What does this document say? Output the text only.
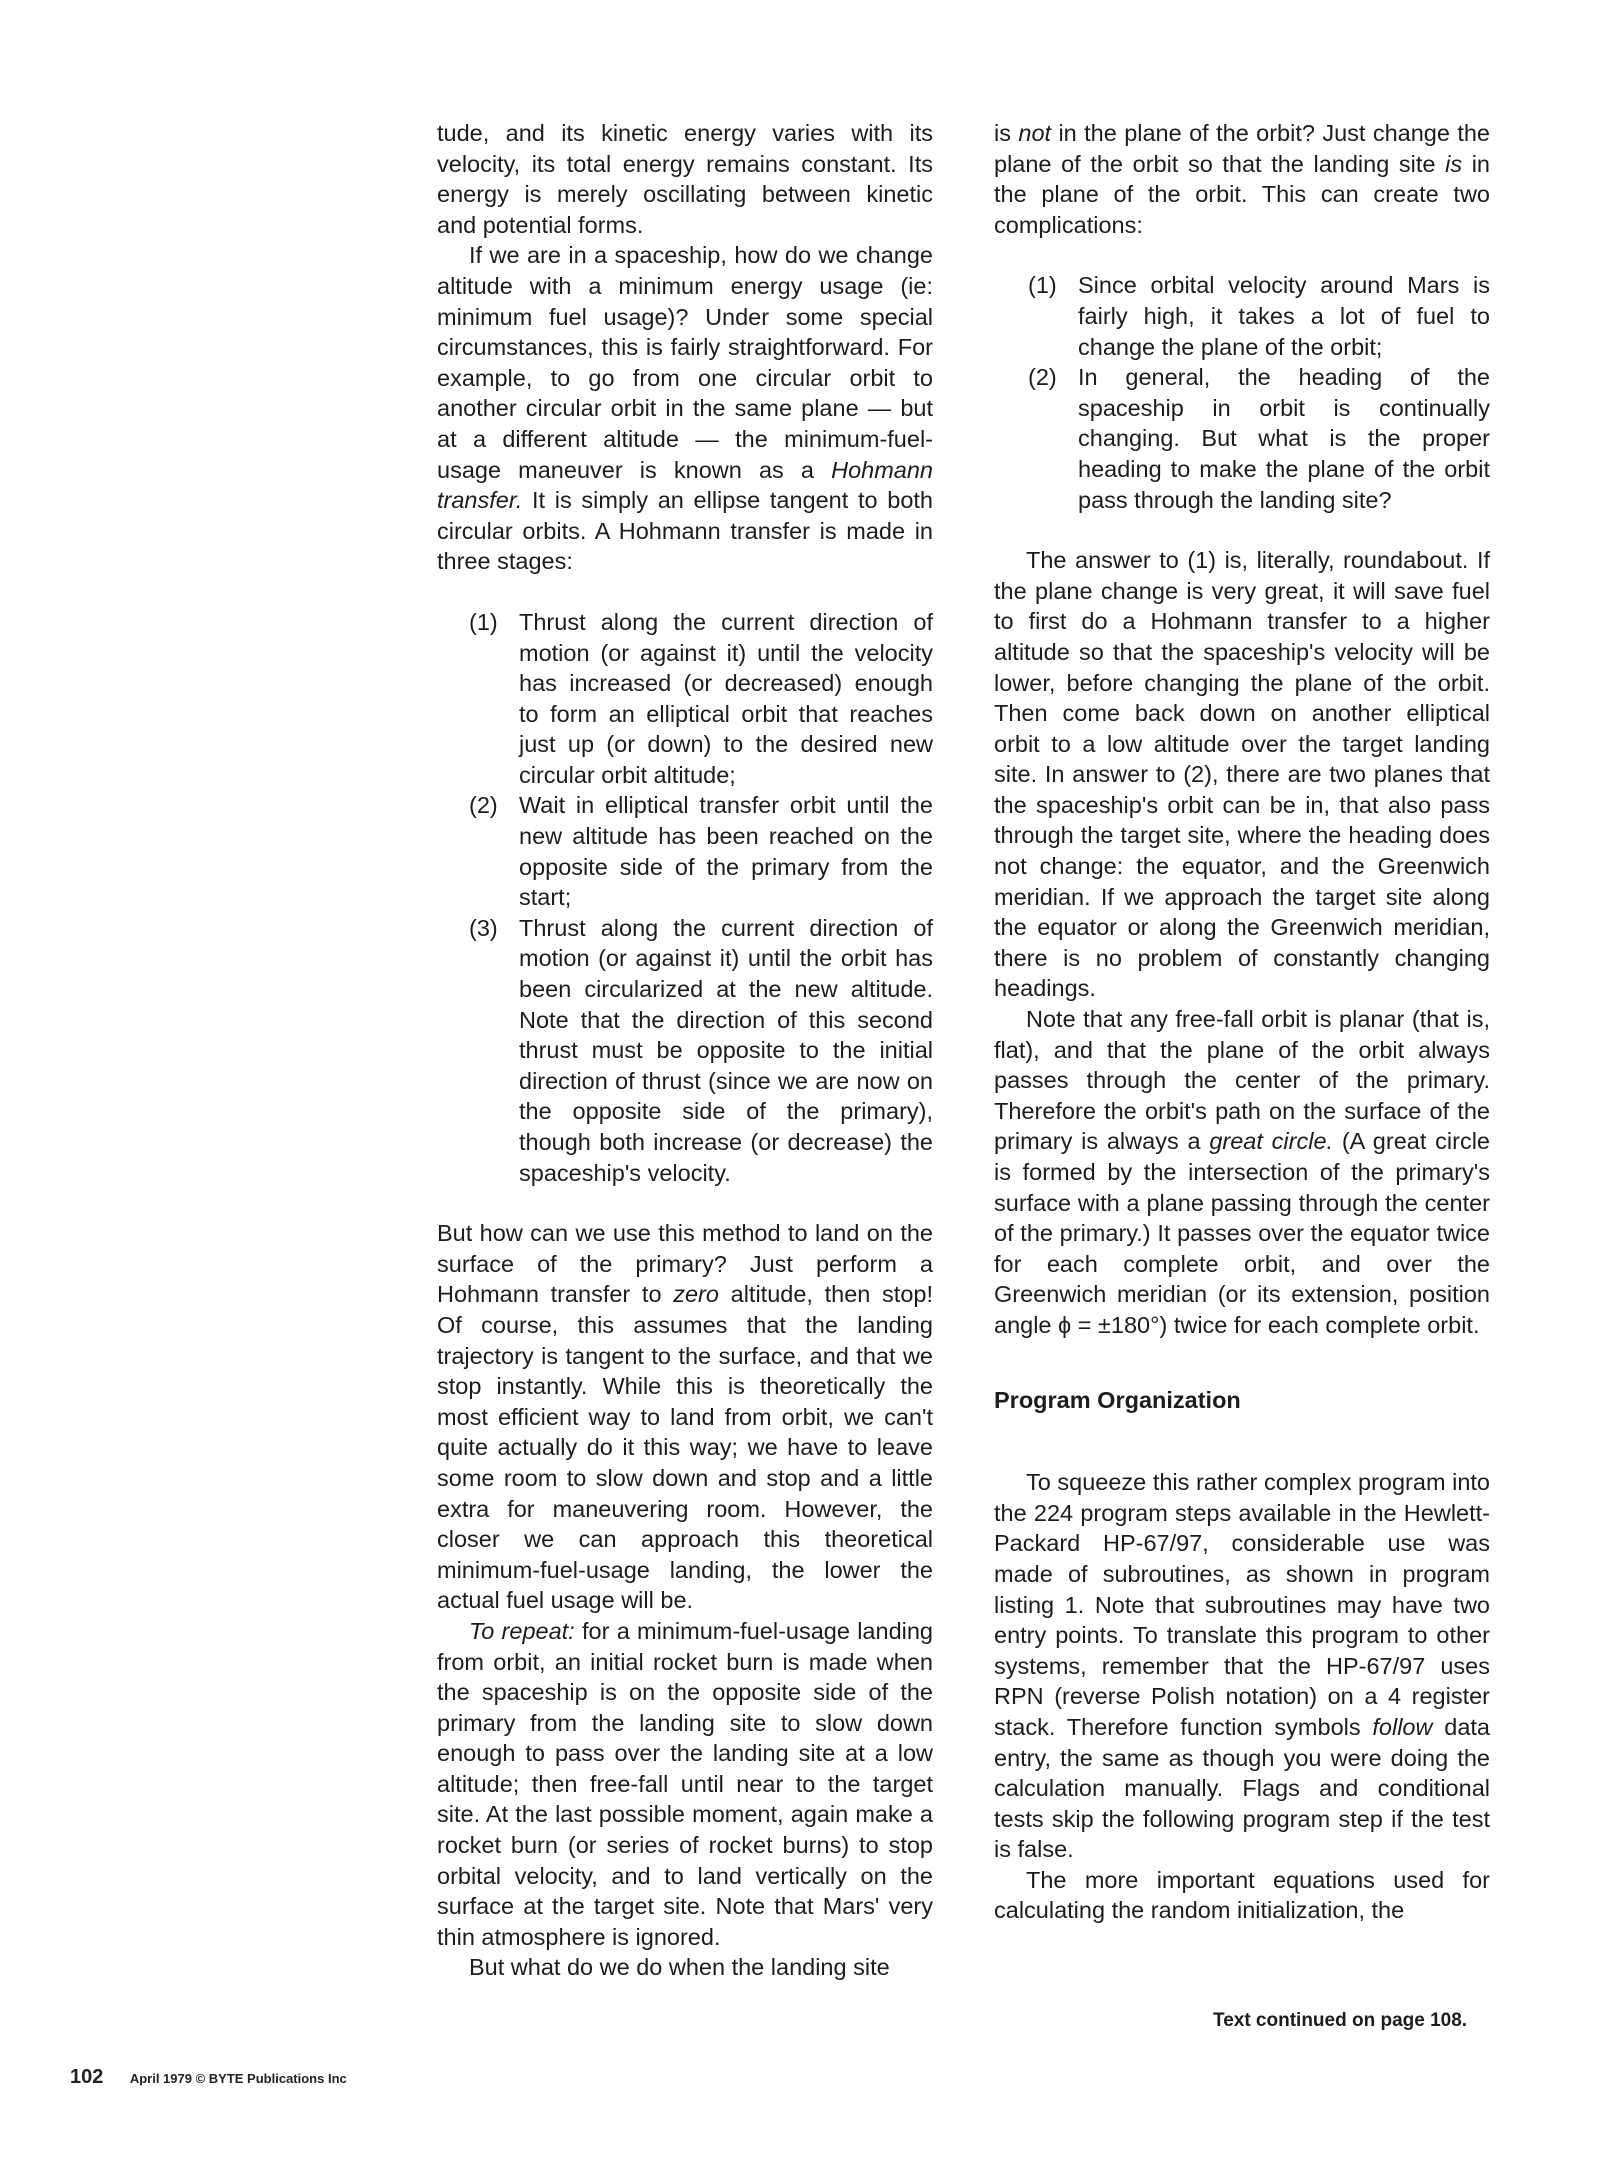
tude, and its kinetic energy varies with its velocity, its total energy remains constant. Its energy is merely oscillating between kinetic and potential forms.

If we are in a spaceship, how do we change altitude with a minimum energy usage (ie: minimum fuel usage)? Under some special circumstances, this is fairly straightforward. For example, to go from one circular orbit to another circular orbit in the same plane — but at a different altitude — the minimum-fuel-usage maneuver is known as a Hohmann transfer. It is simply an ellipse tangent to both circular orbits. A Hohmann transfer is made in three stages:

(1) Thrust along the current direction of motion (or against it) until the velocity has increased (or decreased) enough to form an elliptical orbit that reaches just up (or down) to the desired new circular orbit altitude;
(2) Wait in elliptical transfer orbit until the new altitude has been reached on the opposite side of the primary from the start;
(3) Thrust along the current direction of motion (or against it) until the orbit has been circularized at the new altitude. Note that the direction of this second thrust must be opposite to the initial direction of thrust (since we are now on the opposite side of the primary), though both increase (or decrease) the spaceship's velocity.

But how can we use this method to land on the surface of the primary? Just perform a Hohmann transfer to zero altitude, then stop! Of course, this assumes that the landing trajectory is tangent to the surface, and that we stop instantly. While this is theoretically the most efficient way to land from orbit, we can't quite actually do it this way; we have to leave some room to slow down and stop and a little extra for maneuvering room. However, the closer we can approach this theoretical minimum-fuel-usage landing, the lower the actual fuel usage will be.

To repeat: for a minimum-fuel-usage landing from orbit, an initial rocket burn is made when the spaceship is on the opposite side of the primary from the landing site to slow down enough to pass over the landing site at a low altitude; then free-fall until near to the target site. At the last possible moment, again make a rocket burn (or series of rocket burns) to stop orbital velocity, and to land vertically on the surface at the target site. Note that Mars' very thin atmosphere is ignored.

But what do we do when the landing site

is not in the plane of the orbit? Just change the plane of the orbit so that the landing site is in the plane of the orbit. This can create two complications:

(1) Since orbital velocity around Mars is fairly high, it takes a lot of fuel to change the plane of the orbit;
(2) In general, the heading of the spaceship in orbit is continually changing. But what is the proper heading to make the plane of the orbit pass through the landing site?

The answer to (1) is, literally, roundabout. If the plane change is very great, it will save fuel to first do a Hohmann transfer to a higher altitude so that the spaceship's velocity will be lower, before changing the plane of the orbit. Then come back down on another elliptical orbit to a low altitude over the target landing site. In answer to (2), there are two planes that the spaceship's orbit can be in, that also pass through the target site, where the heading does not change: the equator, and the Greenwich meridian. If we approach the target site along the equator or along the Greenwich meridian, there is no problem of constantly changing headings.

Note that any free-fall orbit is planar (that is, flat), and that the plane of the orbit always passes through the center of the primary. Therefore the orbit's path on the surface of the primary is always a great circle. (A great circle is formed by the intersection of the primary's surface with a plane passing through the center of the primary.) It passes over the equator twice for each complete orbit, and over the Greenwich meridian (or its extension, position angle ϕ = ±180°) twice for each complete orbit.

Program Organization

To squeeze this rather complex program into the 224 program steps available in the Hewlett-Packard HP-67/97, considerable use was made of subroutines, as shown in program listing 1. Note that subroutines may have two entry points. To translate this program to other systems, remember that the HP-67/97 uses RPN (reverse Polish notation) on a 4 register stack. Therefore function symbols follow data entry, the same as though you were doing the calculation manually. Flags and conditional tests skip the following program step if the test is false.

The more important equations used for calculating the random initialization, the

Text continued on page 108.
102 April 1979 © BYTE Publications Inc
